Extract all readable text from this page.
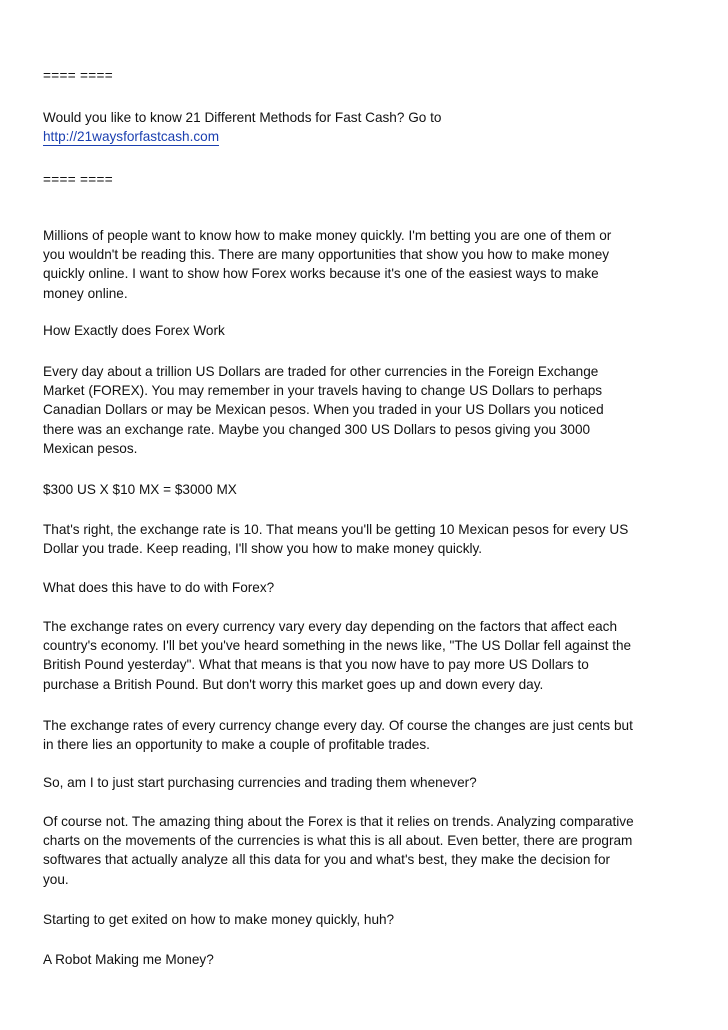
==== ====

Would you like to know 21 Different Methods for Fast Cash? Go to
http://21waysforfastcash.com

==== ====

Millions of people want to know how to make money quickly. I'm betting you are one of them or
you wouldn't be reading this. There are many opportunities that show you how to make money
quickly online. I want to show how Forex works because it's one of the easiest ways to make
money online.

How Exactly does Forex Work

Every day about a trillion US Dollars are traded for other currencies in the Foreign Exchange
Market (FOREX). You may remember in your travels having to change US Dollars to perhaps
Canadian Dollars or may be Mexican pesos. When you traded in your US Dollars you noticed
there was an exchange rate. Maybe you changed 300 US Dollars to pesos giving you 3000
Mexican pesos.

$300 US X $10 MX = $3000 MX

That's right, the exchange rate is 10. That means you'll be getting 10 Mexican pesos for every US
Dollar you trade. Keep reading, I'll show you how to make money quickly.

What does this have to do with Forex?

The exchange rates on every currency vary every day depending on the factors that affect each
country's economy. I'll bet you've heard something in the news like, "The US Dollar fell against the
British Pound yesterday". What that means is that you now have to pay more US Dollars to
purchase a British Pound. But don't worry this market goes up and down every day.
The exchange rates of every currency change every day. Of course the changes are just cents but
in there lies an opportunity to make a couple of profitable trades.

So, am I to just start purchasing currencies and trading them whenever?

Of course not. The amazing thing about the Forex is that it relies on trends. Analyzing comparative
charts on the movements of the currencies is what this is all about. Even better, there are program
softwares that actually analyze all this data for you and what's best, they make the decision for
you.

Starting to get exited on how to make money quickly, huh?

A Robot Making me Money?
